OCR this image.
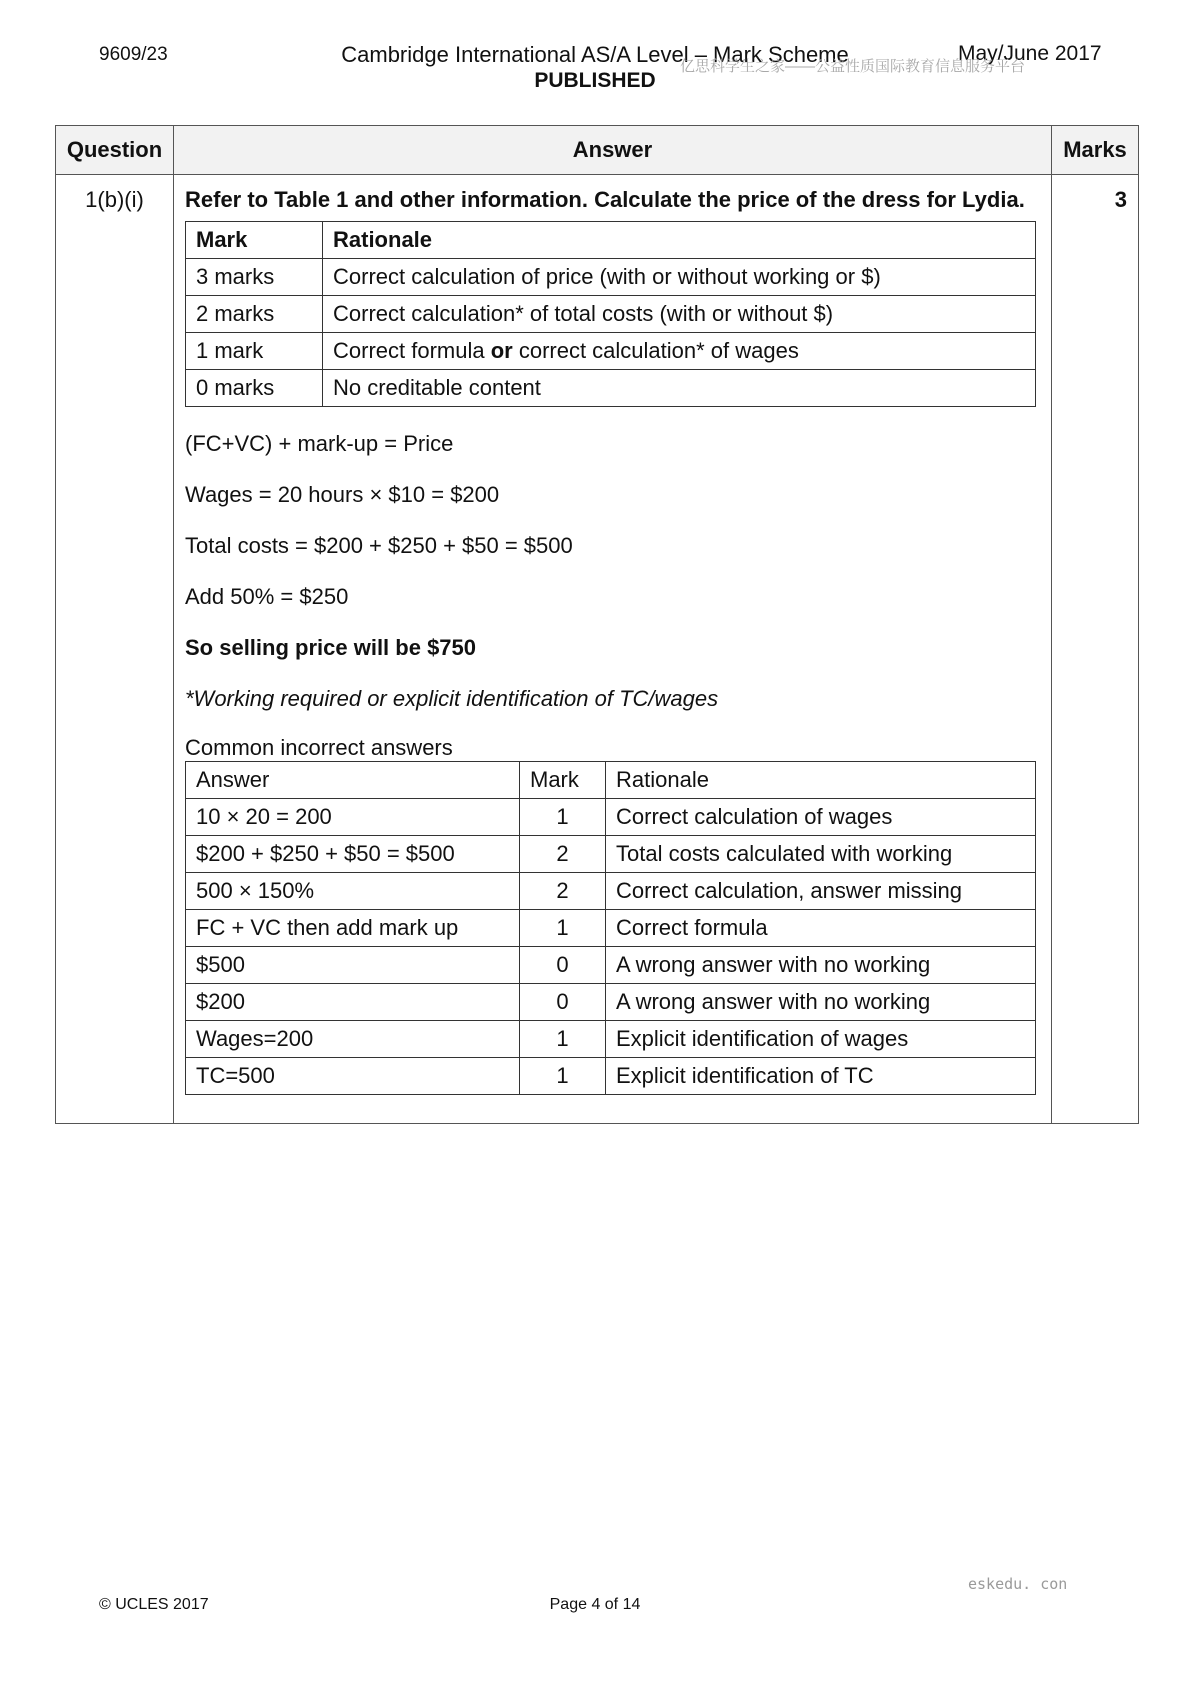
9609/23	Cambridge International AS/A Level – Mark Scheme	May/June 2017
PUBLISHED
亿思科学生之家——公益性质国际教育信息服务平台
Question	Answer	Marks
1(b)(i)	Refer to Table 1 and other information. Calculate the price of the dress for Lydia.

Mark	Rationale
3 marks	Correct calculation of price (with or without working or $)
2 marks	Correct calculation* of total costs (with or without $)
1 mark	Correct formula or correct calculation* of wages
0 marks	No creditable content

(FC+VC) + mark-up = Price

Wages = 20 hours × $10 = $200

Total costs = $200 + $250 + $50 = $500

Add 50% = $250

So selling price will be $750

*Working required or explicit identification of TC/wages

Common incorrect answers

Answer	Mark	Rationale
10 × 20 = 200	1	Correct calculation of wages
$200 + $250 + $50 = $500	2	Total costs calculated with working
500 × 150%	2	Correct calculation, answer missing
FC + VC then add mark up	1	Correct formula
$500	0	A wrong answer with no working
$200	0	A wrong answer with no working
Wages=200	1	Explicit identification of wages
TC=500	1	Explicit identification of TC
	3
eskedu. con
© UCLES 2017	Page 4 of 14
